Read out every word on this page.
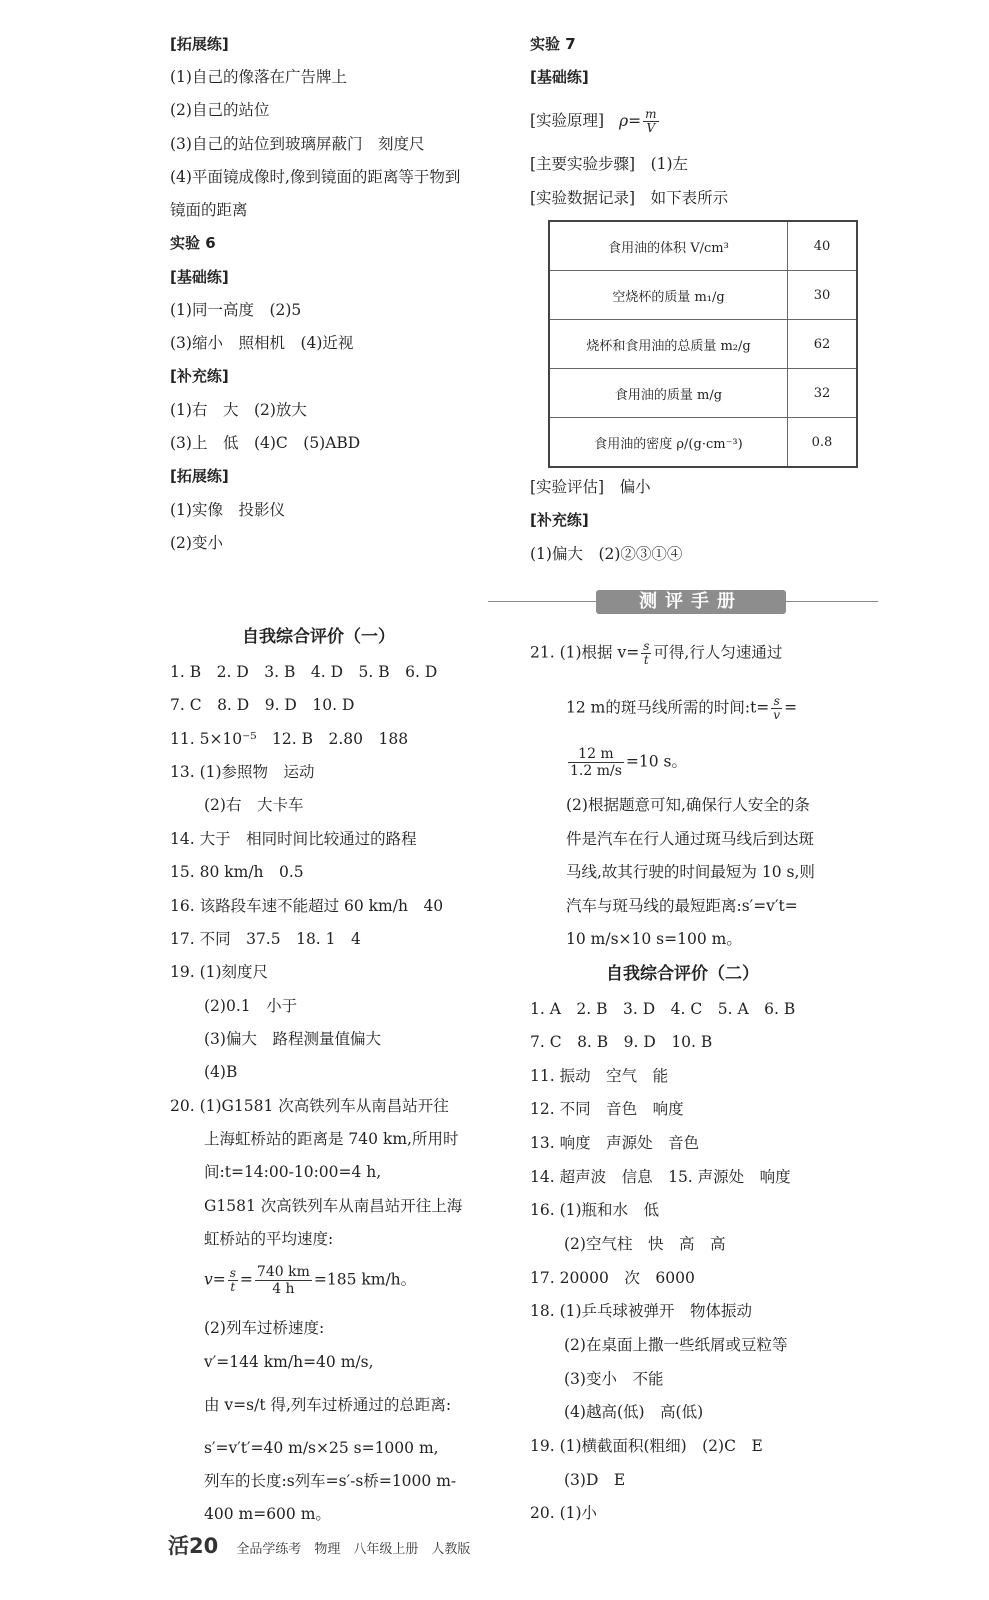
[拓展练]
(1)自己的像落在广告牌上
(2)自己的站位
(3)自己的站位到玻璃屏蔽门　刻度尺
(4)平面镜成像时,像到镜面的距离等于物到
镜面的距离
实验 6
[基础练]
(1)同一高度　(2)5
(3)缩小　照相机　(4)近视
[补充练]
(1)右　大　(2)放大
(3)上　低　(4)C　(5)ABD
[拓展练]
(1)实像　投影仪
(2)变小
实验 7
[基础练]
[实验原理] $\rho= \frac{m}{V}$
[主要实验步骤]　(1)左
[实验数据记录]　如下表所示
食用油的体积 V/cm³	40
空烧杯的质量 m₁/g	30
烧杯和食用油的总质量 m₂/g	62
食用油的质量 m/g	32
食用油的密度 ρ/(g·cm⁻³)	0.8
[实验评估]　偏小
[补充练]
(1)偏大　(2)②③①④
测评手册
自我综合评价（一）
1. B　2. D　3. B　4. D　5. B　6. D
7. C　8. D　9. D　10. D
11. 5×10⁻⁵　12. B　2.80　188
13. (1)参照物　运动
(2)右　大卡车
14. 大于　相同时间比较通过的路程
15. 80 km/h　0.5
16. 该路段车速不能超过 60 km/h　40
17. 不同　37.5　18. 1　4
19. (1)刻度尺
(2)0.1　小于
(3)偏大　路程测量值偏大
(4)B
20. (1)G1581 次高铁列车从南昌站开往
上海虹桥站的距离是 740 km,所用时
间:t=14:00-10:00=4 h,
G1581 次高铁列车从南昌站开往上海
虹桥站的平均速度:
$v= \frac{s}{t} = \frac{740 km}{4 h} =185$ km/h。
(2)列车过桥速度:
v′=144 km/h=40 m/s,
由 v=s/t 得,列车过桥通过的总距离:
s′=v′t′=40 m/s×25 s=1000 m,
列车的长度:s列车=s′-s桥=1000 m-
400 m=600 m。
21. (1)根据 $v= \frac{s}{t}$ 可得,行人匀速通过
12 m的斑马线所需的时间:t= $\frac{s}{v}$ =
$\frac{12 m}{1.2 m/s} =10$ s。
(2)根据题意可知,确保行人安全的条
件是汽车在行人通过斑马线后到达斑
马线,故其行驶的时间最短为 10 s,则
汽车与斑马线的最短距离:s′=v′t=
10 m/s×10 s=100 m。
自我综合评价（二）
1. A　2. B　3. D　4. C　5. A　6. B
7. C　8. B　9. D　10. B
11. 振动　空气　能
12. 不同　音色　响度
13. 响度　声源处　音色
14. 超声波　信息　15. 声源处　响度
16. (1)瓶和水　低
(2)空气柱　快　高　高
17. 20000　次　6000
18. (1)乒乓球被弹开　物体振动
(2)在桌面上撒一些纸屑或豆粒等
(3)变小　不能
(4)越高(低)　高(低)
19. (1)横截面积(粗细)　(2)C　E
(3)D　E
20. (1)小
活20 全品学练考　物理　八年级上册　人教版
